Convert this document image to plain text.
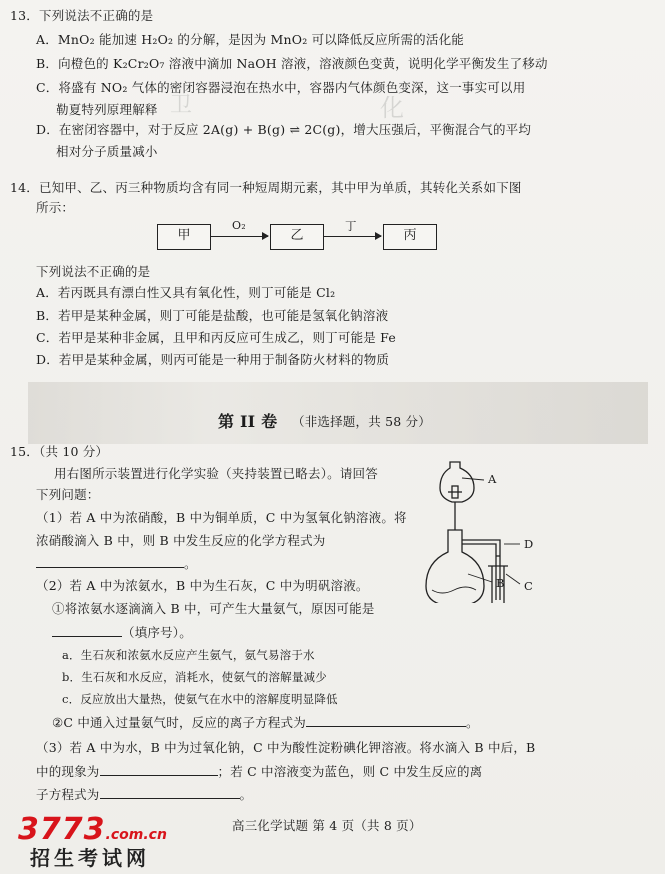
卫	化
13．下列说法不正确的是
A．MnO₂ 能加速 H₂O₂ 的分解，是因为 MnO₂ 可以降低反应所需的活化能
B．向橙色的 K₂Cr₂O₇ 溶液中滴加 NaOH 溶液，溶液颜色变黄，说明化学平衡发生了移动
C．将盛有 NO₂ 气体的密闭容器浸泡在热水中，容器内气体颜色变深，这一事实可以用
勒夏特列原理解释
D．在密闭容器中，对于反应 2A(g) + B(g) ⇌ 2C(g)，增大压强后，平衡混合气的平均
相对分子质量减小
14．已知甲、乙、丙三种物质均含有同一种短周期元素，其中甲为单质，其转化关系如下图
所示：
甲
O₂
乙
丁
丙
下列说法不正确的是
A．若丙既具有漂白性又具有氧化性，则丁可能是 Cl₂
B．若甲是某种金属，则丁可能是盐酸，也可能是氢氧化钠溶液
C．若甲是某种非金属，且甲和丙反应可生成乙，则丁可能是 Fe
D．若甲是某种金属，则丙可能是一种用于制备防火材料的物质
第 II 卷 （非选择题，共 58 分）
15．（共 10 分）
用右图所示装置进行化学实验（夹持装置已略去）。请回答
下列问题：
（1）若 A 中为浓硝酸，B 中为铜单质，C 中为氢氧化钠溶液。将
浓硝酸滴入 B 中，则 B 中发生反应的化学方程式为
。
（2）若 A 中为浓氨水，B 中为生石灰，C 中为明矾溶液。
①将浓氨水逐滴滴入 B 中，可产生大量氨气，原因可能是
（填序号）。
a．生石灰和浓氨水反应产生氨气，氨气易溶于水
b．生石灰和水反应，消耗水，使氨气的溶解量减少
c．反应放出大量热，使氨气在水中的溶解度明显降低
②C 中通入过量氨气时，反应的离子方程式为	。
（3）若 A 中为水，B 中为过氧化钠，C 中为酸性淀粉碘化钾溶液。将水滴入 B 中后，B
中的现象为	；若 C 中溶液变为蓝色，则 C 中发生反应的离
子方程式为	。
A
B
D
C
高三化学试题 第 4 页（共 8 页）
3773.com.cn
招生考试网
